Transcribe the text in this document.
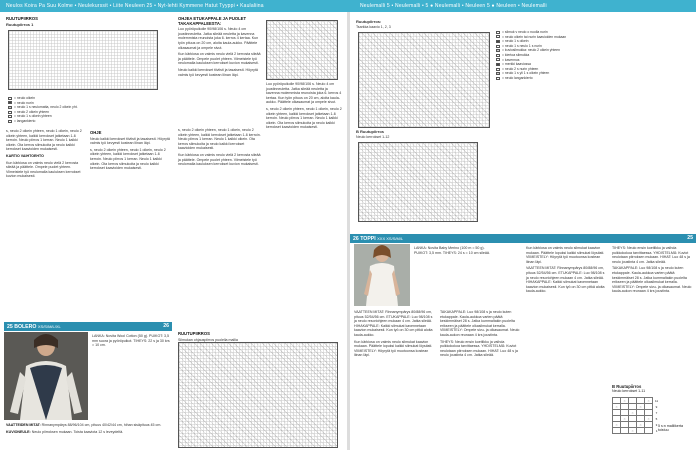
Neulos Koira Pa Suu Kolme • Neulekurssit • Liite Neuleen 25 • Nyt-lehti Kymmene Hatut Tyyppi • Kaulaliina	Neulemalli 5 • Neulemalli • 5 ● Neulemalli • Neuleen 5 ● Neuleen • Neulemalli
RUUTUPIIRROS
Ruutupiirros 1
= neulo oikein
= neulo nurin
= neulo 1 s neulomatta, neulo 2 oikein yht.
= neulo 2 oikein yhteen
= neulo 1 s oikein yhteen
= langankierto

s, neulo 2 oikein yhteen, neulo 1 oikein, neulo 2 oikein yhteen, kaikki kerrokset jatketaan 1-6 kerroin. Neulo piirros 1 kerran. Neulo 1 kaikki oikein. Ota kerros silmukoita ja neulo kaikki kerrokset kaavioiden mukaisesti.

KARTIO VAIHTOEHTO

Kun kärkiosa on valmis neulo vielä 2 kerrosta sileää ja päättele. Ompele puolet yhteen. Viimeistele työ neulomalla kauluksen kerrokset kuvion mukaisesti.

OHJE

Neulo kaikki kerrokset tiiviisti ja tasaisesti. Höyrytä valmis työ kevyesti kostean liinan läpi.

s, neulo 2 oikein yhteen, neulo 1 oikein, neulo 2 oikein yhteen, kaikki kerrokset jatketaan 1-6 kerroin. Neulo piirros 1 kerran. Neulo 1 kaikki oikein. Ota kerros silmukoita ja neulo kaikki kerrokset kaavioiden mukaisesti.

25 BOLERO XS/S/M/L/XL	26

LANKA: Novita Wool Cotton (50 g). PUIKOT: 3,5 mm suora ja pyöröpuikot. TIHEYS: 22 s ja 30 krs = 10 cm.

VAATTEIDEN MITAT: Rinnanympärys 88/96/104 cm, pituus 40/42/44 cm, hihan sisäpituus 45 cm.

KUVIONEULE: Neulo piirroksen mukaan. Toista kaaviota 12 s leveydeltä.

OHJEA ETUKAPPALE JA PUOLET TAKAKAPPALEESTA:

Luo pyöröpuikolle 90/98/106 s. Neulo 4 cm joustinneuletta. Jatka sileää neuletta ja kavenna molemmista reunoista joka 6. kerros 4 kertaa. Kun työn pituus on 20 cm, aloita kaula-aukko. Päättele olkasaumat ja ompele sivut.

Kun kärkiosa on valmis neulo vielä 2 kerrosta sileää ja päättele. Ompele puolet yhteen. Viimeistele työ neulomalla kauluksen kerrokset kuvion mukaisesti.

Neulo kaikki kerrokset tiiviisti ja tasaisesti. Höyrytä valmis työ kevyesti kostean liinan läpi.

Luo pyöröpuikolle 90/98/106 s. Neulo 4 cm joustinneuletta. Jatka sileää neuletta ja kavenna molemmista reunoista joka 6. kerros 4 kertaa. Kun työn pituus on 20 cm, aloita kaula-aukko. Päättele olkasaumat ja ompele sivut.

s, neulo 2 oikein yhteen, neulo 1 oikein, neulo 2 oikein yhteen, kaikki kerrokset jatketaan 1-6 kerroin. Neulo piirros 1 kerran. Neulo 1 kaikki oikein. Ota kerros silmukoita ja neulo kaikki kerrokset kaavioiden mukaisesti.

s, neulo 2 oikein yhteen, neulo 1 oikein, neulo 2 oikein yhteen, kaikki kerrokset jatketaan 1-6 kerroin. Neulo piirros 1 kerran. Neulo 1 kaikki oikein. Ota kerros silmukoita ja neulo kaikki kerrokset kaavioiden mukaisesti.

Kun kärkiosa on valmis neulo vielä 2 kerrosta sileää ja päättele. Ompele puolet yhteen. Viimeistele työ neulomalla kauluksen kerrokset kuvion mukaisesti.

RUUTUPIIRROS
Silmukan ohjauspiirros puolella mallia
Ruutupiirros:
Tsarkka kaavio 1, 2, 3
= silmuk v neulo o nuolla nurin
= neulo oikein tai nurin kaavioiden mukaan
= neulo 1 s oikein
= neulo 1 s neulo 1 s nurin
= kuviosilmukka: neulo 2 oikein yhteen
= kiertoa silmukka
= kavennus
= merkki kaaviossa
= neulo 2 s nurin yhteen
= neulo 1 s yli 1 s oikein yhteen
= neulo langankierto
B Ruutupiirros
Neulo kerrokset 1-12
26 TOPPI XXX XS/S/M/L	25

LANKA: Novita Baby Merino (100 m = 50 g). PUIKOT: 3,5 mm. TIHEYS: 24 s = 10 cm sileää.

VAATTEEN MITAT: Rinnanympärys 80/88/96 cm, pituus 52/54/56 cm. ETUKAPPALE: Luo 98/108 s ja neulo resoriohjeen mukaan 4 cm. Jatka sileää. HIHAKAPPALE: Kaikki silmukat kavennetaan kaavion mukaisesti. Kun työ on 30 cm pitkä aloita kaula-aukko.

Kun kärkiosa on valmis neulo silmukat kaavion mukaan. Päättele lopuksi kaikki silmukat löysästi. VIIMEISTELY: Höyrytä työ muotoonsa kostean liinan läpi.

TAKAKAPPALE: Luo 98/108 s ja neulo kuten etukappale. Kaula-aukkoa varten päätä keskimmäiset 28 s. Jatka kummaltakin puolelta erikseen ja päättele olkasilmukat kerralla. VIIMEISTELY: Ompele sivu- ja olkasaumat. Neulo kaula-aukon reunaan 4 krs joustinta.

TIHEYS: Neulo ensin koetilkku ja vaihda puikkokokoa tarvittaessa. YHDISTELMÄ: Kuviot neulotaan piirroksen mukaan. HIHAT: Luo 48 s ja neulo joustinta 4 cm. Jatka sileää.

Kun kärkiosa on valmis neulo silmukat kaavion mukaan. Päättele lopuksi kaikki silmukat löysästi. VIIMEISTELY: Höyrytä työ muotoonsa kostean liinan läpi.

VAATTEEN MITAT: Rinnanympärys 80/88/96 cm, pituus 52/54/56 cm. ETUKAPPALE: Luo 98/108 s ja neulo resoriohjeen mukaan 4 cm. Jatka sileää. HIHAKAPPALE: Kaikki silmukat kavennetaan kaavion mukaisesti. Kun työ on 30 cm pitkä aloita kaula-aukko.

TIHEYS: Neulo ensin koetilkku ja vaihda puikkokokoa tarvittaessa. YHDISTELMÄ: Kuviot neulotaan piirroksen mukaan. HIHAT: Luo 48 s ja neulo joustinta 4 cm. Jatka sileää.

TAKAKAPPALE: Luo 98/108 s ja neulo kuten etukappale. Kaula-aukkoa varten päätä keskimmäiset 28 s. Jatka kummaltakin puolelta erikseen ja päättele olkasilmukat kerralla. VIIMEISTELY: Ompele sivu- ja olkasaumat. Neulo kaula-aukon reunaan 4 krs joustinta.

B Ruutupiirros
Neulo kerrokset 1-11
	○			○	11
○			○		9
		○			7
	○			○	5
○			○		3
		○			1
5 s:n malliikerta toistuu
